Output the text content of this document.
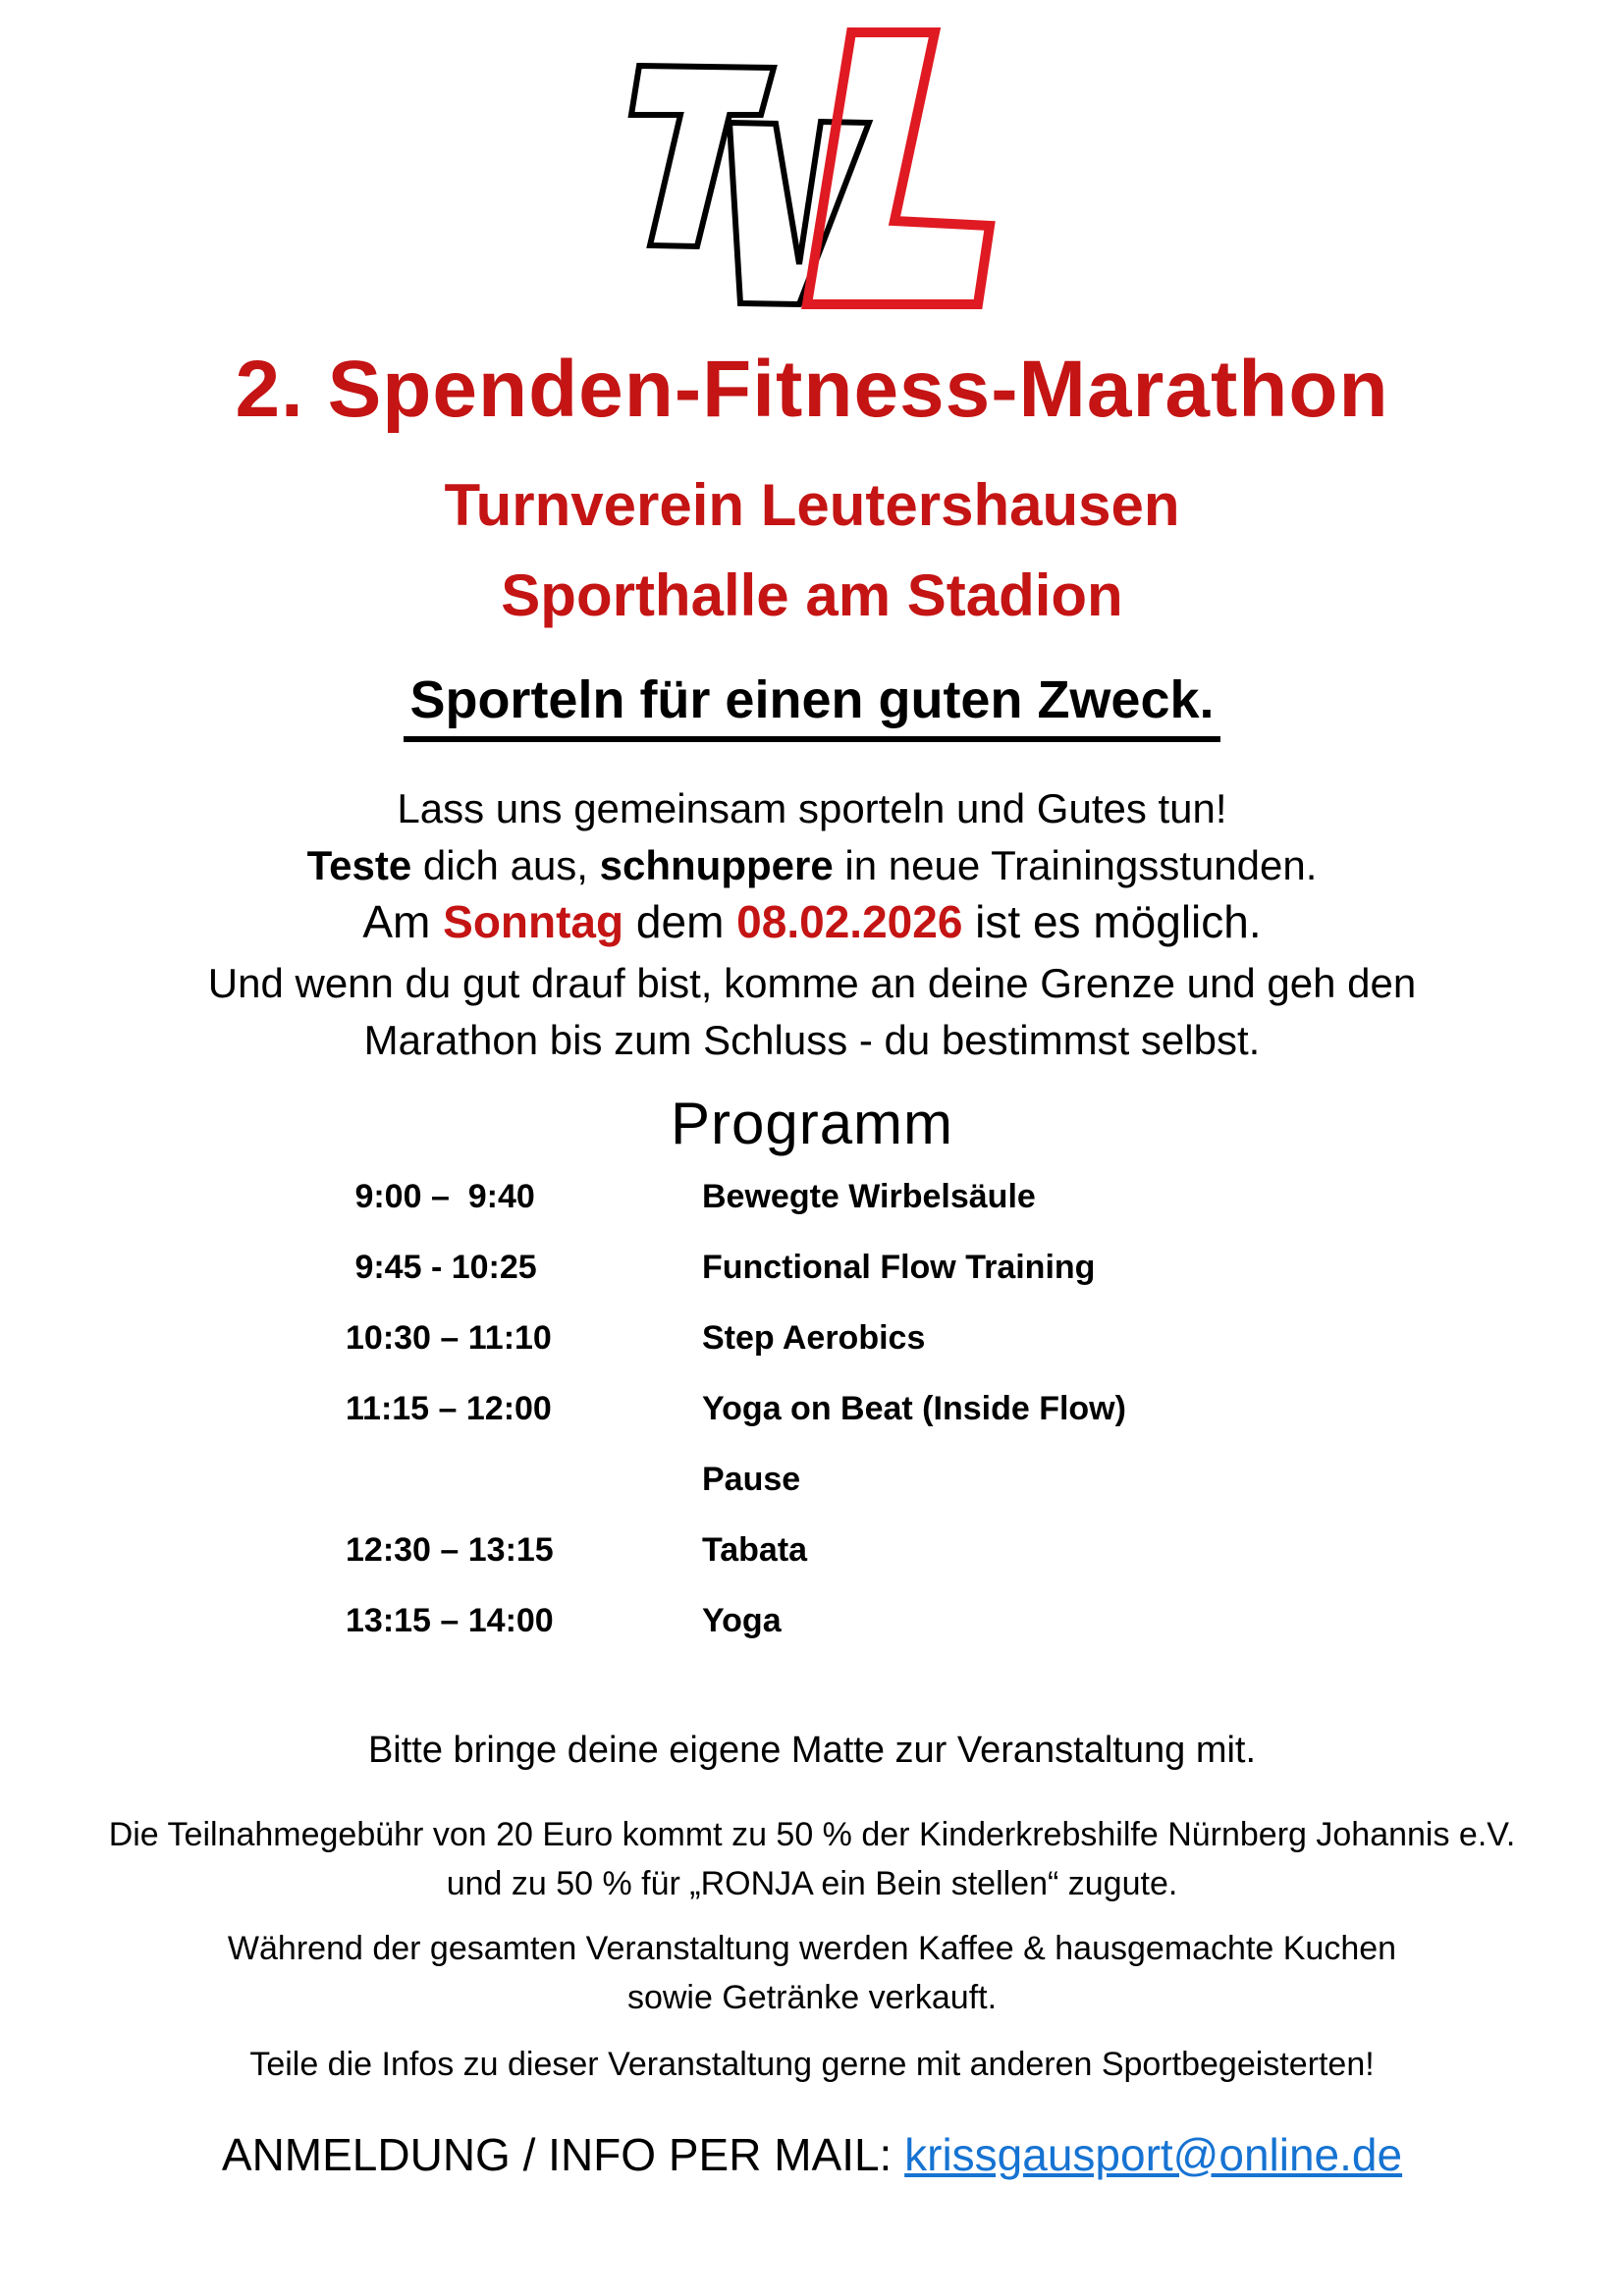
2. Spenden-Fitness-Marathon
Turnverein Leutershausen
Sporthalle am Stadion
Sporteln für einen guten Zweck.
Lass uns gemeinsam sporteln und Gutes tun!
Teste dich aus, schnuppere in neue Trainingsstunden.
Am Sonntag dem 08.02.2026 ist es möglich.
Und wenn du gut drauf bist, komme an deine Grenze und geh den
Marathon bis zum Schluss - du bestimmst selbst.
Programm
9:00 –  9:40	Bewegte Wirbelsäule
9:45 - 10:25	Functional Flow Training
10:30 – 11:10	Step Aerobics
11:15 – 12:00	Yoga on Beat (Inside Flow)
Pause
12:30 – 13:15	Tabata
13:15 – 14:00	Yoga
Bitte bringe deine eigene Matte zur Veranstaltung mit.
Die Teilnahmegebühr von 20 Euro kommt zu 50 % der Kinderkrebshilfe Nürnberg Johannis e.V.
und zu 50 % für „RONJA ein Bein stellen“ zugute.
Während der gesamten Veranstaltung werden Kaffee & hausgemachte Kuchen
sowie Getränke verkauft.
Teile die Infos zu dieser Veranstaltung gerne mit anderen Sportbegeisterten!
ANMELDUNG / INFO PER MAIL: krissgausport@online.de
